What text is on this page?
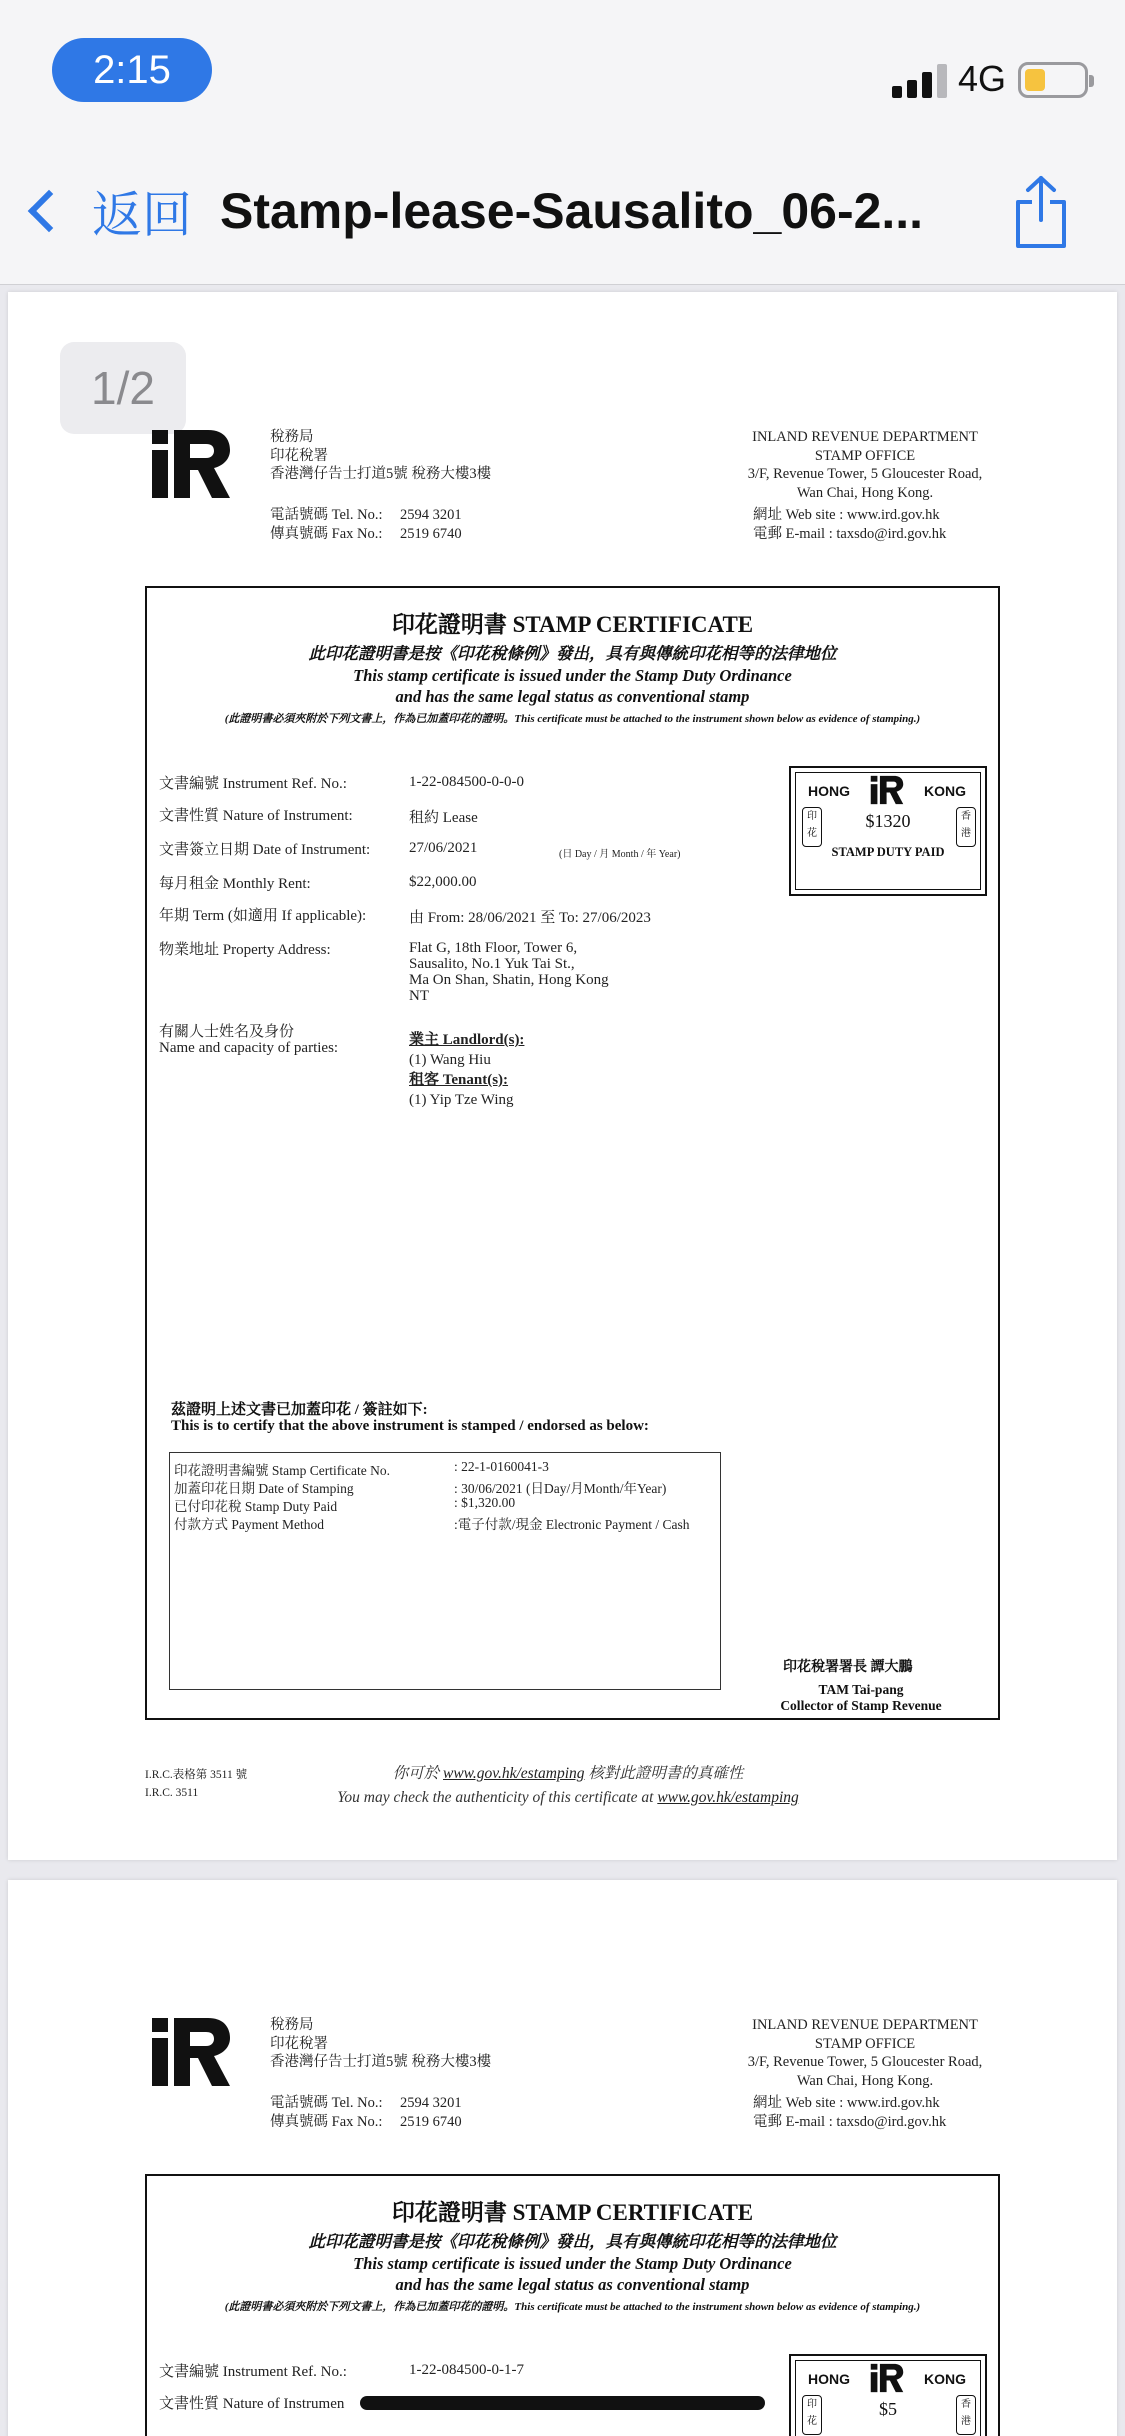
2:15	4G
返回 Stamp-lease-Sausalito_06-2...
1/2
稅務局
印花稅署
香港灣仔告士打道5號 稅務大樓3樓
電話號碼 Tel. No.: 2594 3201
傳真號碼 Fax No.: 2519 6740
INLAND REVENUE DEPARTMENT
STAMP OFFICE
3/F, Revenue Tower, 5 Gloucester Road,
Wan Chai, Hong Kong.
網址 Web site : www.ird.gov.hk
電郵 E-mail : taxsdo@ird.gov.hk
印花證明書 STAMP CERTIFICATE
此印花證明書是按《印花稅條例》發出，具有與傳統印花相等的法律地位
This stamp certificate is issued under the Stamp Duty Ordinance
and has the same legal status as conventional stamp
(此證明書必須夾附於下列文書上，作為已加蓋印花的證明。This certificate must be attached to the instrument shown below as evidence of stamping.)
文書編號 Instrument Ref. No.:	1-22-084500-0-0-0
文書性質 Nature of Instrument:	租約 Lease
文書簽立日期 Date of Instrument:	27/06/2021	(日 Day / 月 Month / 年 Year)
每月租金 Monthly Rent:	$22,000.00
年期 Term (如適用 If applicable):	由 From: 28/06/2021 至 To: 27/06/2023
物業地址 Property Address:	Flat G, 18th Floor, Tower 6,
Sausalito, No.1 Yuk Tai St.,
Ma On Shan, Shatin, Hong Kong
NT
有關人士姓名及身份
Name and capacity of parties:	業主 Landlord(s):
(1) Wang Hiu
租客 Tenant(s):
(1) Yip Tze Wing
HONG	KONG
$1320
STAMP DUTY PAID
印花
香港
茲證明上述文書已加蓋印花 / 簽註如下:
This is to certify that the above instrument is stamped / endorsed as below:
印花證明書編號 Stamp Certificate No.	: 22-1-0160041-3
加蓋印花日期 Date of Stamping	: 30/06/2021 (日Day/月Month/年Year)
已付印花稅 Stamp Duty Paid	: $1,320.00
付款方式 Payment Method	:電子付款/現金 Electronic Payment / Cash
印花稅署署長 譚大鵬
TAM Tai-pang
Collector of Stamp Revenue
I.R.C.表格第 3511 號
I.R.C. 3511
你可於 www.gov.hk/estamping 核對此證明書的真確性
You may check the authenticity of this certificate at www.gov.hk/estamping
稅務局
印花稅署
香港灣仔告士打道5號 稅務大樓3樓
電話號碼 Tel. No.: 2594 3201
傳真號碼 Fax No.: 2519 6740
INLAND REVENUE DEPARTMENT
STAMP OFFICE
3/F, Revenue Tower, 5 Gloucester Road,
Wan Chai, Hong Kong.
網址 Web site : www.ird.gov.hk
電郵 E-mail : taxsdo@ird.gov.hk
印花證明書 STAMP CERTIFICATE
此印花證明書是按《印花稅條例》發出，具有與傳統印花相等的法律地位
This stamp certificate is issued under the Stamp Duty Ordinance
and has the same legal status as conventional stamp
(此證明書必須夾附於下列文書上，作為已加蓋印花的證明。This certificate must be attached to the instrument shown below as evidence of stamping.)
文書編號 Instrument Ref. No.:	1-22-084500-0-1-7
文書性質 Nature of Instrumen
HONG	KONG
$5
印花
香港
